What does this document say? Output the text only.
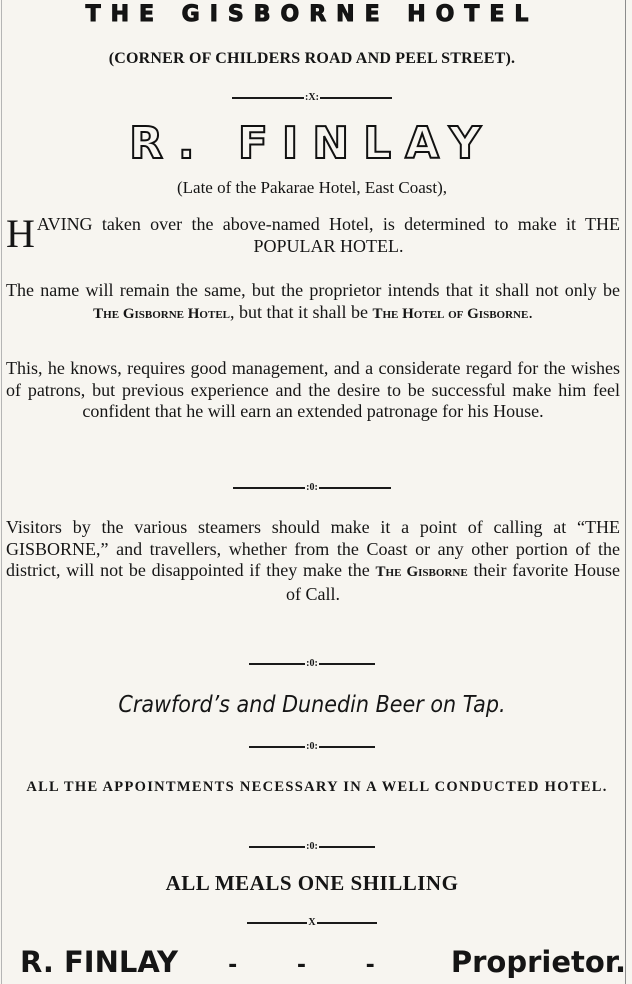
THE GISBORNE HOTEL

(CORNER OF CHILDERS ROAD AND PEEL STREET).

:X:
R. FINLAY

(Late of the Pakarae Hotel, East Coast),

H AVING taken over the above-named Hotel, is determined to make it THE POPULAR HOTEL.

The name will remain the same, but the proprietor intends that it shall not only be The Gisborne Hotel, but that it shall be The Hotel of Gisborne.

This, he knows, requires good management, and a considerate regard for the wishes of patrons, but previous experience and the desire to be successful make him feel confident that he will earn an extended patronage for his House.

:0:

Visitors by the various steamers should make it a point of calling at “THE GISBORNE,” and travellers, whether from the Coast or any other portion of the district, will not be disappointed if they make the The Gisborne their favorite House of Call.

:0:

Crawford’s and Dunedin Beer on Tap.

:0:

ALL THE APPOINTMENTS NECESSARY IN A WELL CONDUCTED HOTEL.

:0:

ALL MEALS ONE SHILLING

X
R. FINLAY - - - Proprietor.
